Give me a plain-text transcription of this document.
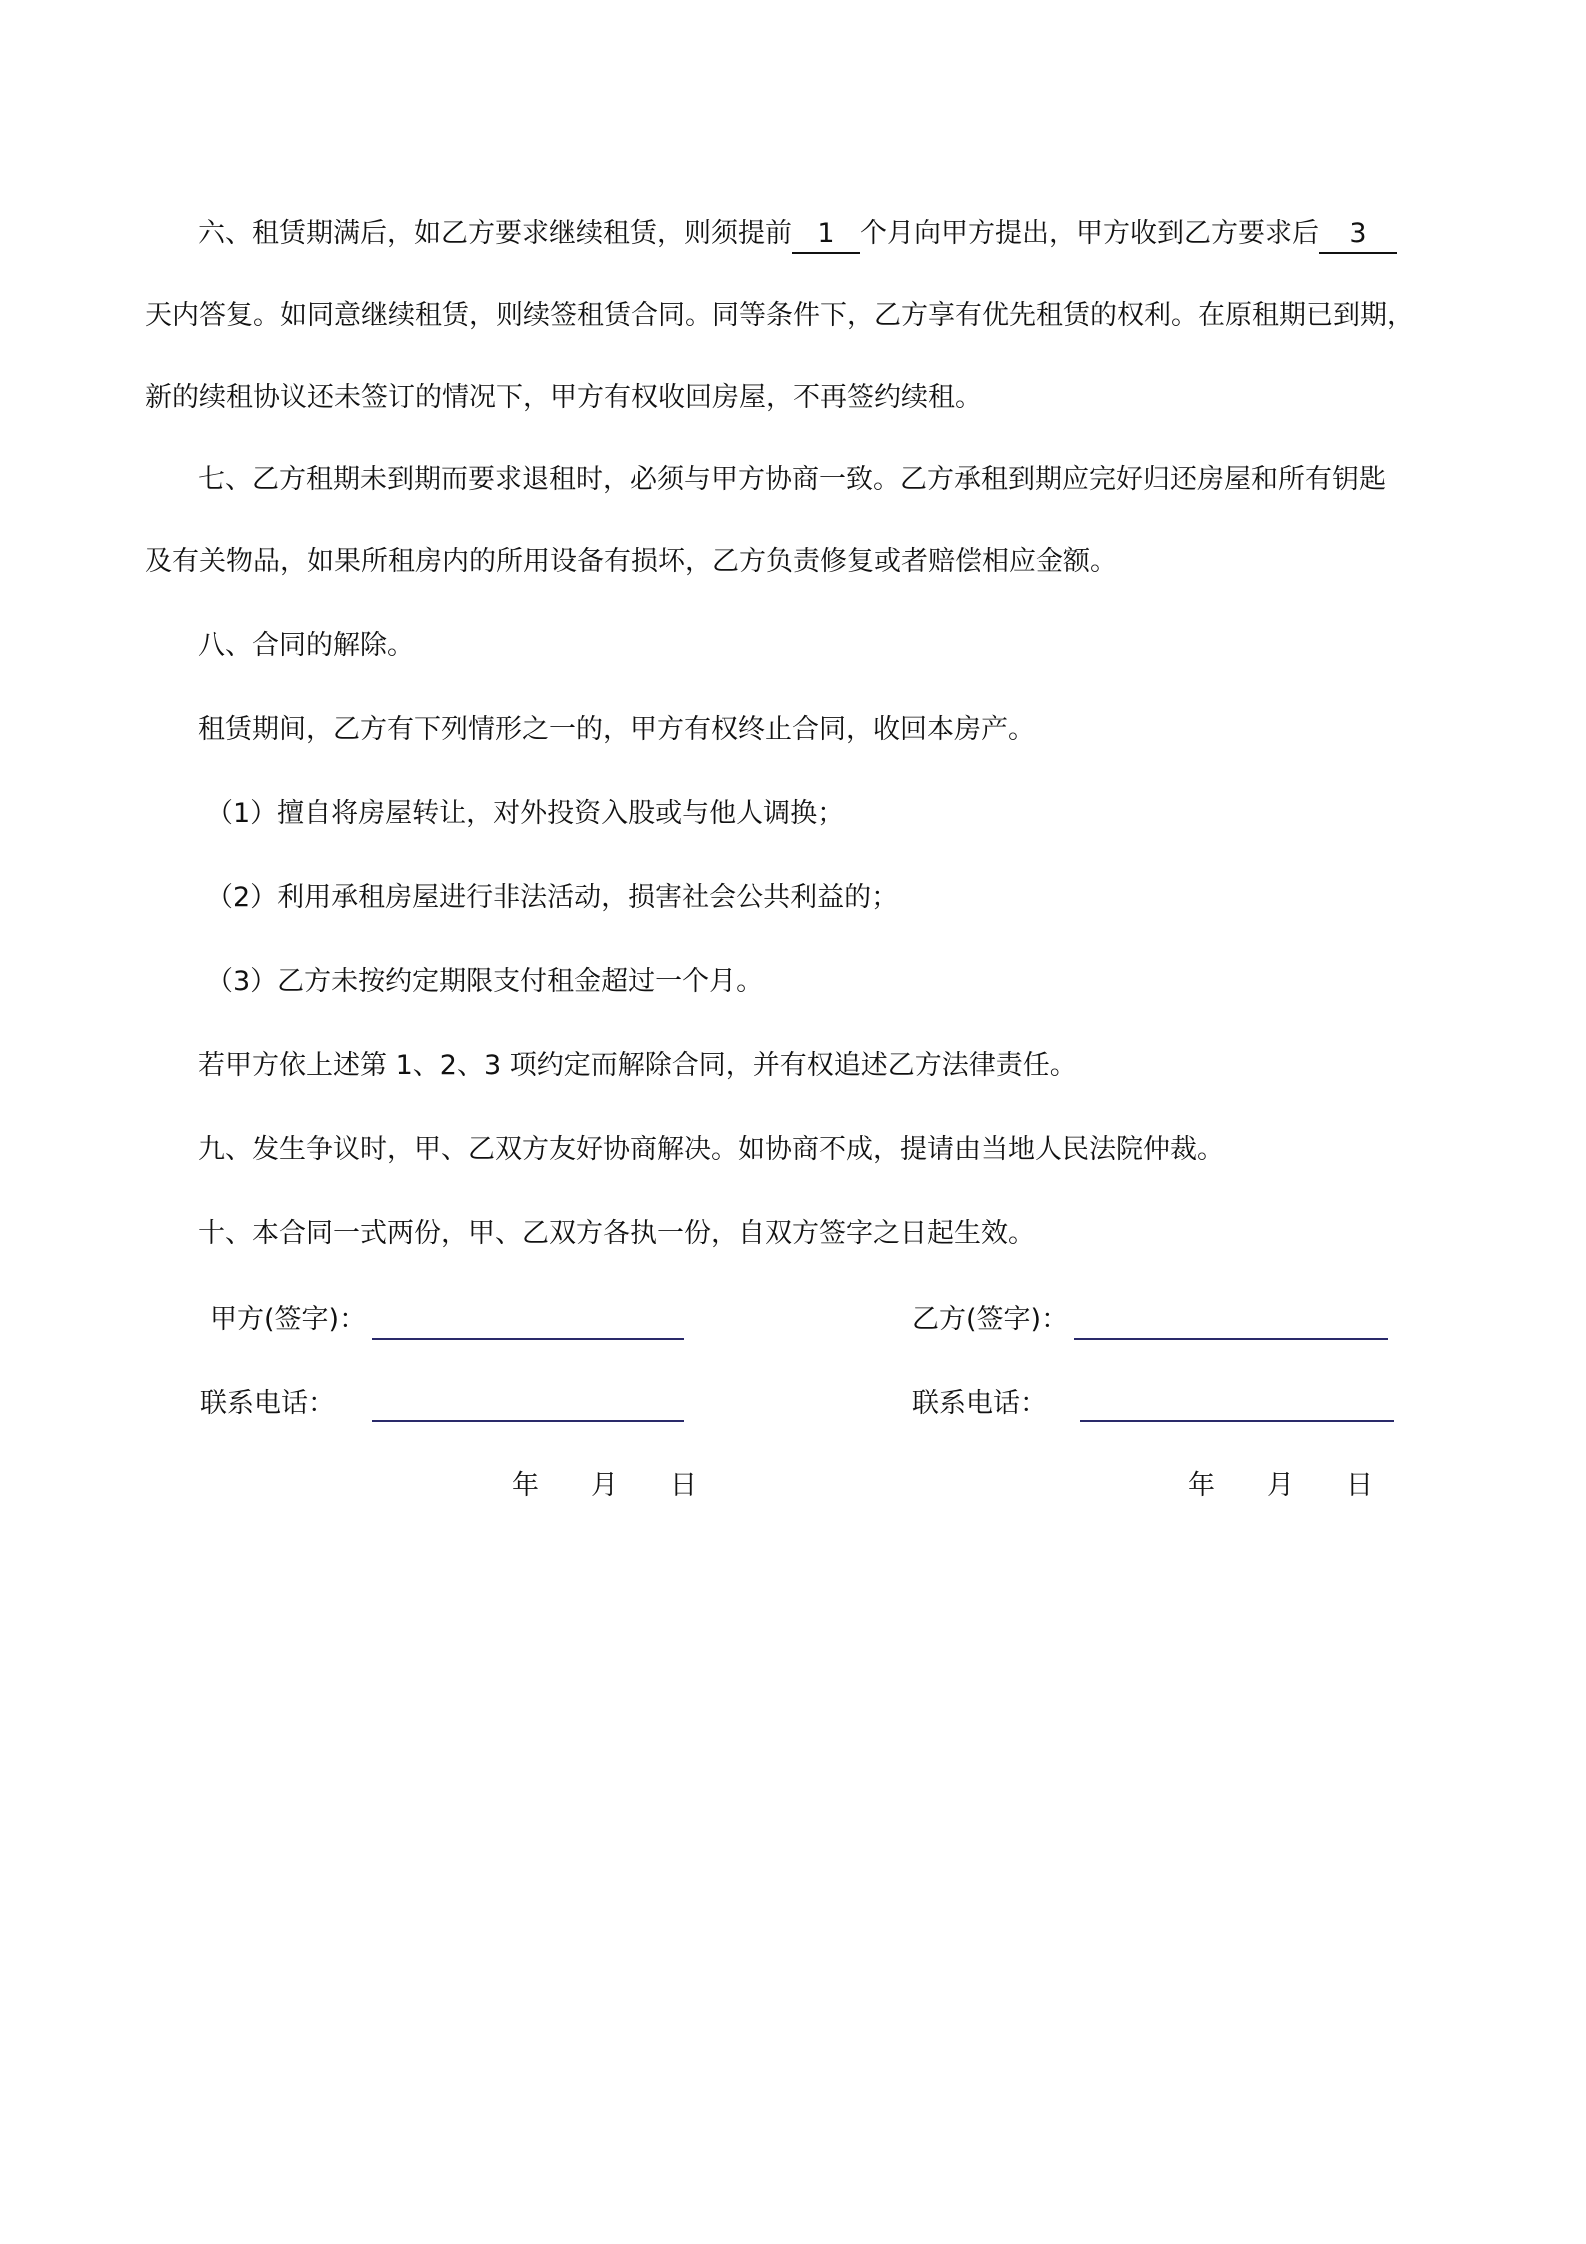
六、租赁期满后，如乙方要求继续租赁，则须提前 1 个月向甲方提出，甲方收到乙方要求后 3
天内答复。如同意继续租赁，则续签租赁合同。同等条件下，乙方享有优先租赁的权利。在原租期已到期，
新的续租协议还未签订的情况下，甲方有权收回房屋，不再签约续租。
七、乙方租期未到期而要求退租时，必须与甲方协商一致。乙方承租到期应完好归还房屋和所有钥匙
及有关物品，如果所租房内的所用设备有损坏，乙方负责修复或者赔偿相应金额。
八、合同的解除。
租赁期间，乙方有下列情形之一的，甲方有权终止合同，收回本房产。
（1）擅自将房屋转让，对外投资入股或与他人调换；
（2）利用承租房屋进行非法活动，损害社会公共利益的；
（3）乙方未按约定期限支付租金超过一个月。
若甲方依上述第 1、2、3 项约定而解除合同，并有权追述乙方法律责任。
九、发生争议时，甲、乙双方友好协商解决。如协商不成，提请由当地人民法院仲裁。
十、本合同一式两份，甲、乙双方各执一份，自双方签字之日起生效。
甲方(签字)：	乙方(签字)：
联系电话：	联系电话：
年 月 日	年 月 日
